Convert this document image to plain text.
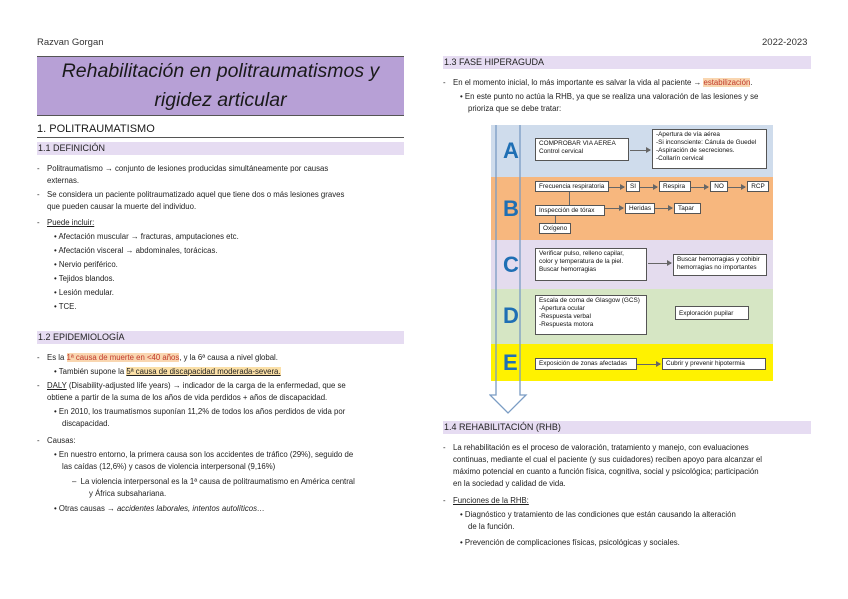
Razvan Gorgan	2022-2023
Rehabilitación en politraumatismos y
rigidez articular
1. POLITRAUMATISMO
1.1 DEFINICIÓN
- Politraumatismo → conjunto de lesiones producidas simultáneamente por causas
externas.
- Se considera un paciente politraumatizado aquel que tiene dos o más lesiones graves
que pueden causar la muerte del individuo.
- Puede incluir:
• Afectación muscular → fracturas, amputaciones etc.
• Afectación visceral → abdominales, torácicas.
• Nervio periférico.
• Tejidos blandos.
• Lesión medular.
• TCE.
1.2 EPIDEMIOLOGÍA
- Es la 1ª causa de muerte en <40 años, y la 6ª causa a nivel global.
• También supone la 5ª causa de discapacidad moderada-severa.
- DALY (Disability-adjusted life years) → indicador de la carga de la enfermedad, que se
obtiene a partir de la suma de los años de vida perdidos + años de discapacidad.
• En 2010, los traumatismos suponían 11,2% de todos los años perdidos de vida por
discapacidad.
- Causas:
• En nuestro entorno, la primera causa son los accidentes de tráfico (29%), seguido de
las caídas (12,6%) y casos de violencia interpersonal (9,16%)
–  La violencia interpersonal es la 1ª causa de politraumatismo en América central
y África subsahariana.
• Otras causas → accidentes laborales, intentos autolíticos…
1.3 FASE HIPERAGUDA
- En el momento inicial, lo más importante es salvar la vida al paciente → estabilización.
• En este punto no actúa la RHB, ya que se realiza una valoración de las lesiones y se
prioriza que se debe tratar:
A
B
C
D
E
COMPROBAR VIA AEREA
Control cervical
-Apertura de vía aérea
-Si inconsciente: Cánula de Guedel
-Aspiración de secreciones.
-Collarín cervical
Frecuencia respiratoria	SI	Respira	NO	RCP
Inspección de tórax	Heridas	Tapar
Oxígeno
Verificar pulso, relleno capilar,
color y temperatura de la piel.
Buscar hemorragias
Buscar hemorragias y cohibir
hemorragias no importantes
Escala de coma de Glasgow (GCS)
-Apertura ocular
-Respuesta verbal
-Respuesta motora
Exploración pupilar
Exposición de zonas afectadas	Cubrir y prevenir hipotermia
1.4 REHABILITACIÓN (RHB)
- La rehabilitación es el proceso de valoración, tratamiento y manejo, con evaluaciones
continuas, mediante el cual el paciente (y sus cuidadores) reciben apoyo para alcanzar el
máximo potencial en cuanto a función física, cognitiva, social y psicológica; participación
en la sociedad y calidad de vida.
- Funciones de la RHB:
• Diagnóstico y tratamiento de las condiciones que están causando la alteración
de la función.
• Prevención de complicaciones físicas, psicológicas y sociales.
